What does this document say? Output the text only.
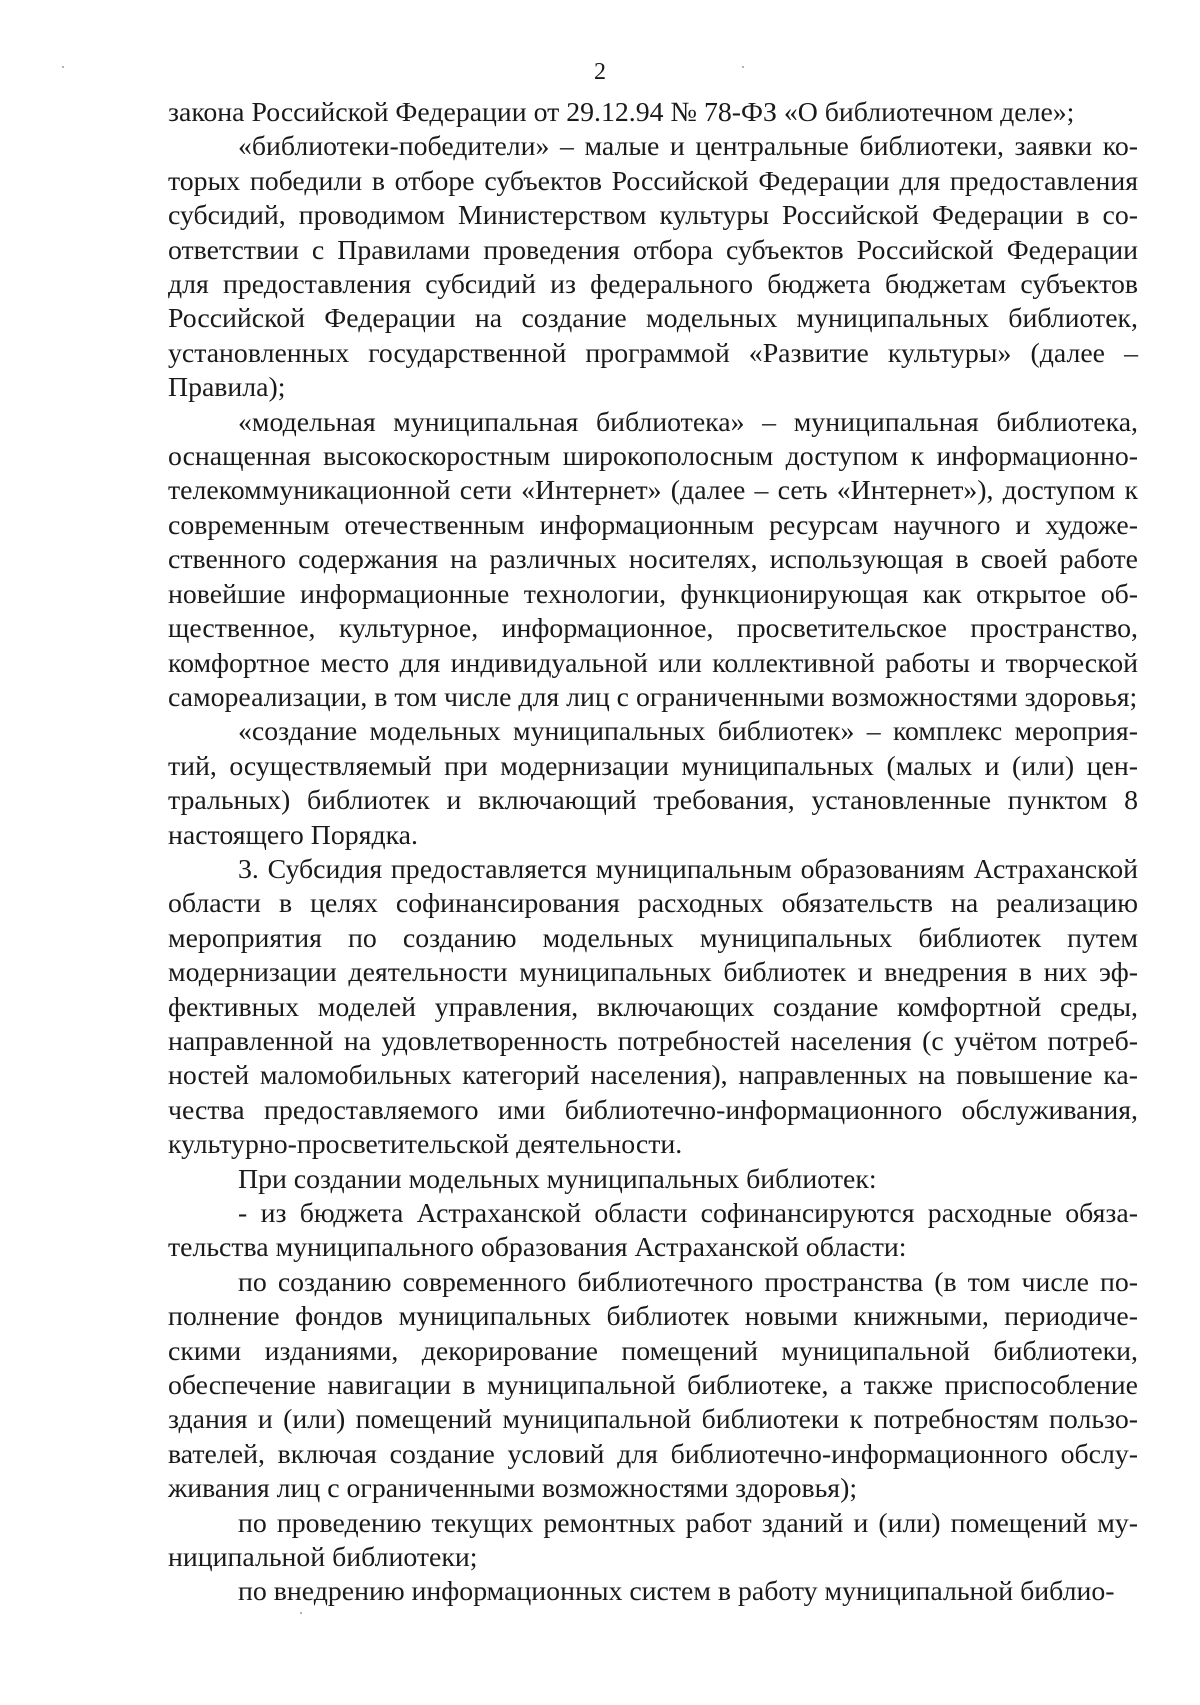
2

закона Российской Федерации от 29.12.94 № 78-ФЗ «О библиотечном деле»;

«библиотеки-победители» – малые и центральные библиотеки, заявки которых победили в отборе субъектов Российской Федерации для предоставления субсидий, проводимом Министерством культуры Российской Федерации в соответствии с Правилами проведения отбора субъектов Российской Федерации для предоставления субсидий из федерального бюджета бюджетам субъектов Российской Федерации на создание модельных муниципальных библиотек, установленных государственной программой «Развитие культуры» (далее – Правила);

«модельная муниципальная библиотека» – муниципальная библиотека, оснащенная высокоскоростным широкополосным доступом к информационно-телекоммуникационной сети «Интернет» (далее – сеть «Интернет»), доступом к современным отечественным информационным ресурсам научного и художественного содержания на различных носителях, использующая в своей работе новейшие информационные технологии, функционирующая как открытое общественное, культурное, информационное, просветительское пространство, комфортное место для индивидуальной или коллективной работы и творческой самореализации, в том числе для лиц с ограниченными возможностями здоровья;

«создание модельных муниципальных библиотек» – комплекс мероприятий, осуществляемый при модернизации муниципальных (малых и (или) центральных) библиотек и включающий требования, установленные пунктом 8 настоящего Порядка.

3. Субсидия предоставляется муниципальным образованиям Астраханской области в целях софинансирования расходных обязательств на реализацию мероприятия по созданию модельных муниципальных библиотек путем модернизации деятельности муниципальных библиотек и внедрения в них эффективных моделей управления, включающих создание комфортной среды, направленной на удовлетворенность потребностей населения (с учётом потребностей маломобильных категорий населения), направленных на повышение качества предоставляемого ими библиотечно-информационного обслуживания, культурно-просветительской деятельности.

При создании модельных муниципальных библиотек:

- из бюджета Астраханской области софинансируются расходные обязательства муниципального образования Астраханской области:

по созданию современного библиотечного пространства (в том числе пополнение фондов муниципальных библиотек новыми книжными, периодическими изданиями, декорирование помещений муниципальной библиотеки, обеспечение навигации в муниципальной библиотеке, а также приспособление здания и (или) помещений муниципальной библиотеки к потребностям пользователей, включая создание условий для библиотечно-информационного обслуживания лиц с ограниченными возможностями здоровья);

по проведению текущих ремонтных работ зданий и (или) помещений муниципальной библиотеки;

по внедрению информационных систем в работу муниципальной библио-
